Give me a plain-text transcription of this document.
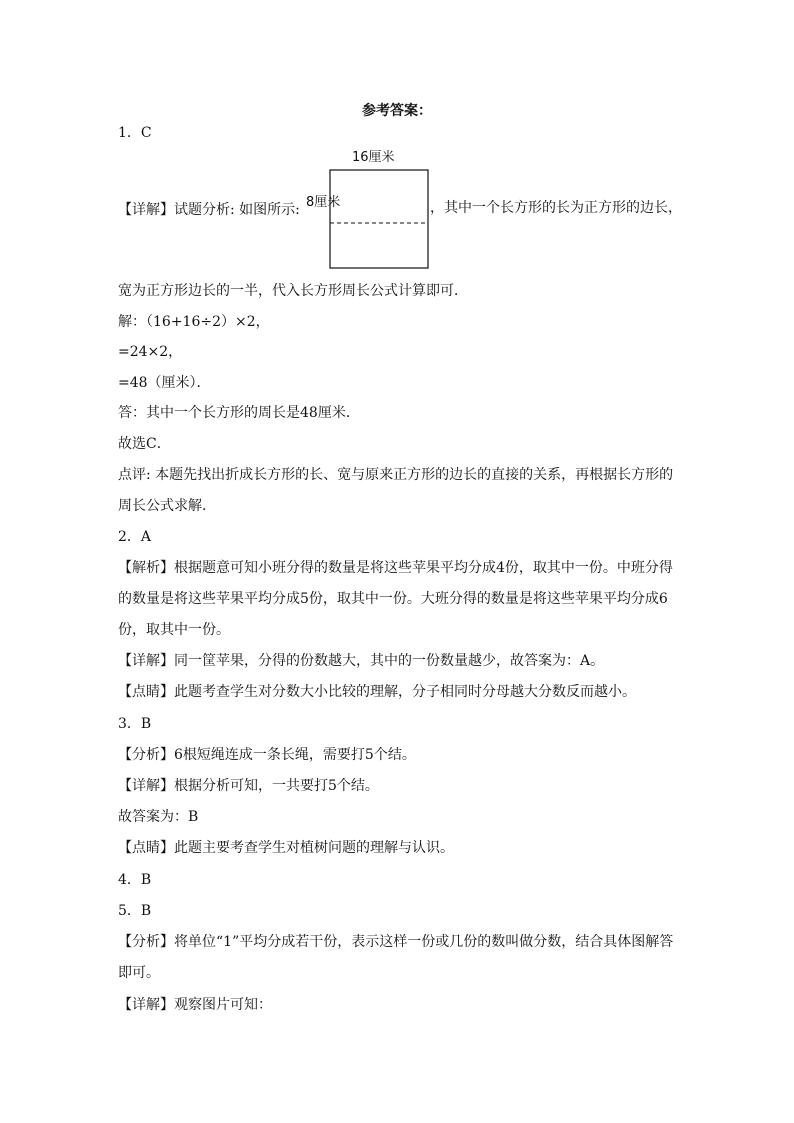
参考答案：
1．C
【详解】试题分析: 如图所示:
16厘米
8厘米	，其中一个长方形的长为正方形的边长，
宽为正方形边长的一半，代入长方形周长公式计算即可．
解：（16+16÷2）×2，
=24×2，
=48（厘米）．
答：其中一个长方形的周长是48厘米．
故选C．
点评: 本题先找出折成长方形的长、宽与原来正方形的边长的直接的关系，再根据长方形的
周长公式求解．
2．A
【解析】根据题意可知小班分得的数量是将这些苹果平均分成4份，取其中一份。中班分得
的数量是将这些苹果平均分成5份，取其中一份。大班分得的数量是将这些苹果平均分成6
份，取其中一份。
【详解】同一筐苹果，分得的份数越大，其中的一份数量越少，故答案为：A。
【点睛】此题考查学生对分数大小比较的理解，分子相同时分母越大分数反而越小。
3．B
【分析】6根短绳连成一条长绳，需要打5个结。
【详解】根据分析可知，一共要打5个结。
故答案为：B
【点睛】此题主要考查学生对植树问题的理解与认识。
4．B
5．B
【分析】将单位“1”平均分成若干份，表示这样一份或几份的数叫做分数，结合具体图解答
即可。
【详解】观察图片可知：
